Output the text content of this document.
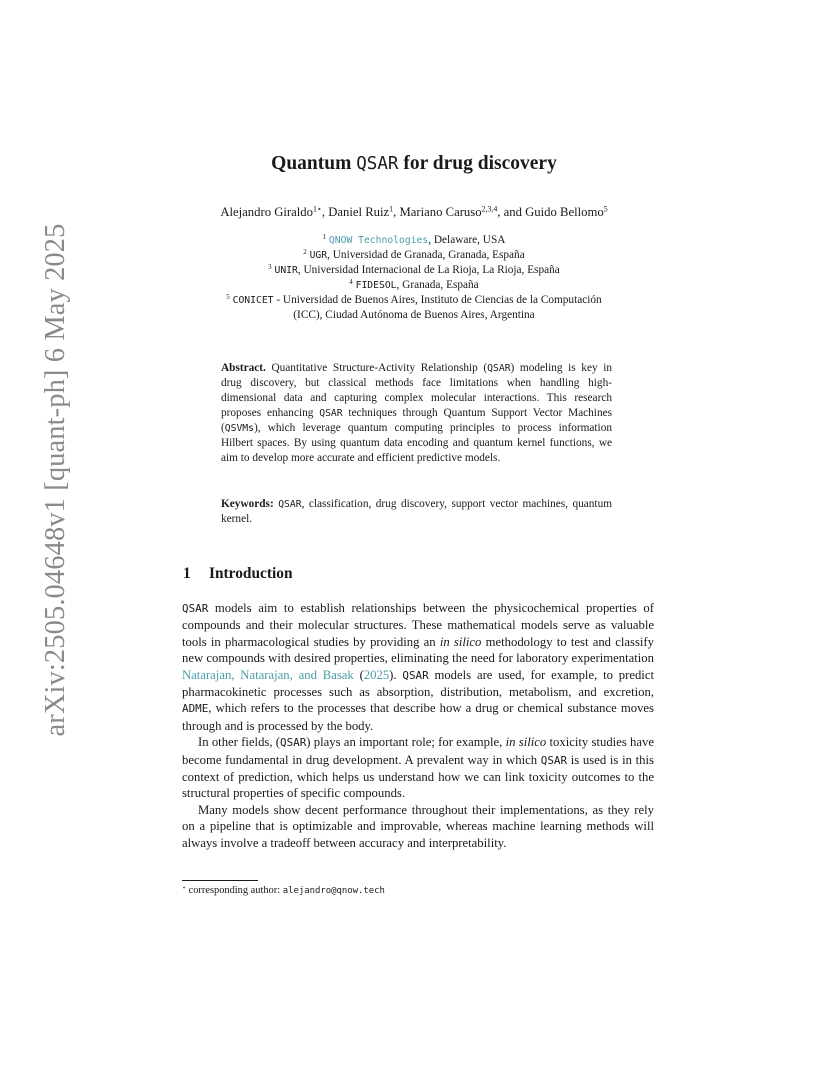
arXiv:2505.04648v1 [quant-ph] 6 May 2025
Quantum QSAR for drug discovery
Alejandro Giraldo$^{1⋆}$, Daniel Ruiz$^1$, Mariano Caruso$^{2,3,4}$, and Guido Bellomo$^5$
$^1$ QNOW Technologies, Delaware, USA
$^2$ UGR, Universidad de Granada, Granada, España
$^3$ UNIR, Universidad Internacional de La Rioja, La Rioja, España
$^4$ FIDESOL, Granada, España
$^5$ CONICET - Universidad de Buenos Aires, Instituto de Ciencias de la Computación
(ICC), Ciudad Autónoma de Buenos Aires, Argentina
Abstract. Quantitative Structure-Activity Relationship (QSAR) modeling is key in drug discovery, but classical methods face limitations when handling high-dimensional data and capturing complex molecular interactions. This research proposes enhancing QSAR techniques through Quantum Support Vector Machines (QSVMs), which leverage quantum computing principles to process information Hilbert spaces. By using quantum data encoding and quantum kernel functions, we aim to develop more accurate and efficient predictive models.
Keywords: QSAR, classification, drug discovery, support vector machines, quantum kernel.
1 Introduction

QSAR models aim to establish relationships between the physicochemical properties of compounds and their molecular structures. These mathematical models serve as valuable tools in pharmacological studies by providing an in silico methodology to test and classify new compounds with desired properties, eliminating the need for laboratory experimentation Natarajan, Natarajan, and Basak (2025). QSAR models are used, for example, to predict pharmacokinetic processes such as absorption, distribution, metabolism, and excretion, ADME, which refers to the processes that describe how a drug or chemical substance moves through and is processed by the body.

In other fields, (QSAR) plays an important role; for example, in silico toxicity studies have become fundamental in drug development. A prevalent way in which QSAR is used is in this context of prediction, which helps us understand how we can link toxicity outcomes to the structural properties of specific compounds.

Many models show decent performance throughout their implementations, as they rely on a pipeline that is optimizable and improvable, whereas machine learning methods will always involve a tradeoff between accuracy and interpretability.

⋆ corresponding author: alejandro@qnow.tech
